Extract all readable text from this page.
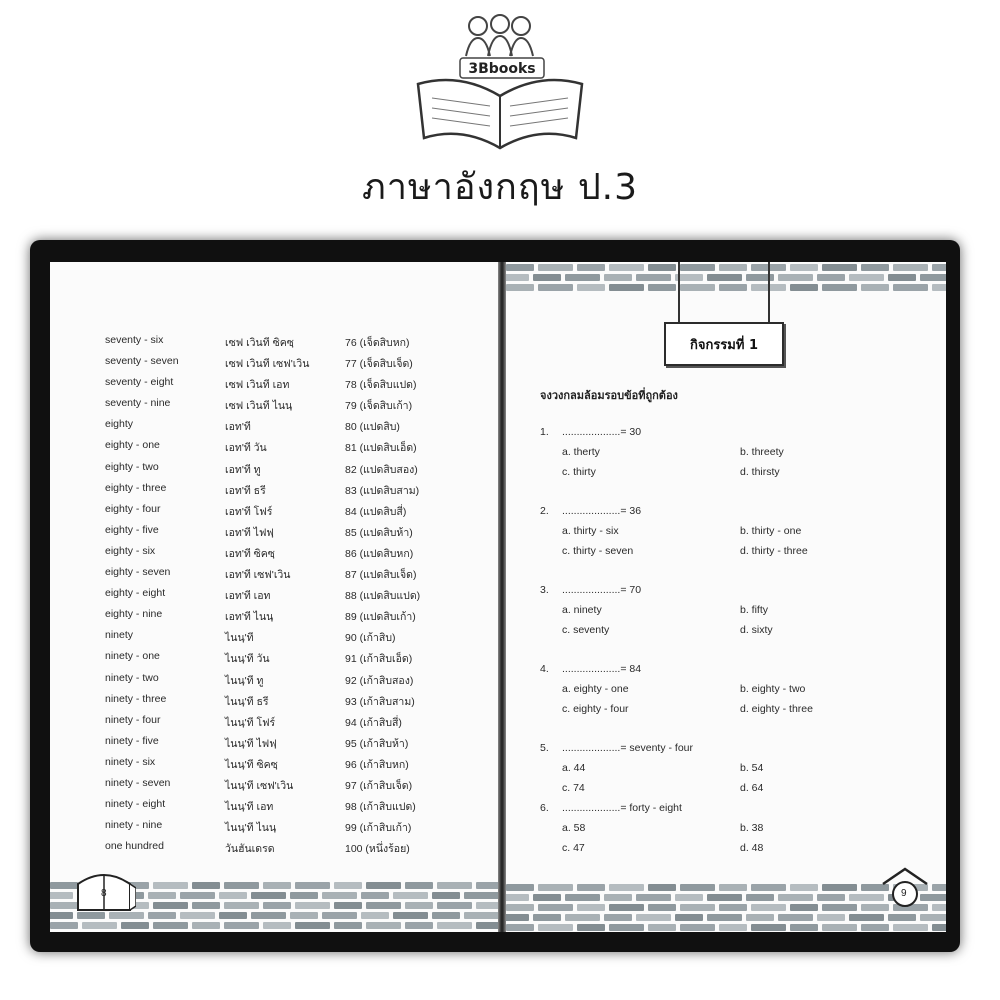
3Bbooks
ภาษาอังกฤษ ป.3
seventy - six	เซฟ เวินที ซิคซฺ	76 (เจ็ดสิบหก)
seventy - seven	เซฟ เวินที เซฟ'เวิน	77 (เจ็ดสิบเจ็ด)
seventy - eight	เซฟ เวินที เอท	78 (เจ็ดสิบแปด)
seventy - nine	เซฟ เวินที ไนนฺ	79 (เจ็ดสิบเก้า)
eighty	เอท'ที	80 (แปดสิบ)
eighty - one	เอท'ที วัน	81 (แปดสิบเอ็ด)
eighty - two	เอท'ที ทู	82 (แปดสิบสอง)
eighty - three	เอท'ที ธรี	83 (แปดสิบสาม)
eighty - four	เอท'ที โฟร์	84 (แปดสิบสี่)
eighty - five	เอท'ที ไฟฟฺ	85 (แปดสิบห้า)
eighty - six	เอท'ที ซิคซฺ	86 (แปดสิบหก)
eighty - seven	เอท'ที เซฟ'เวิน	87 (แปดสิบเจ็ด)
eighty - eight	เอท'ที เอท	88 (แปดสิบแปด)
eighty - nine	เอท'ที ไนนฺ	89 (แปดสิบเก้า)
ninety	ไนนฺ'ที	90 (เก้าสิบ)
ninety - one	ไนนฺ'ที วัน	91 (เก้าสิบเอ็ด)
ninety - two	ไนนฺ'ที ทู	92 (เก้าสิบสอง)
ninety - three	ไนนฺ'ที ธรี	93 (เก้าสิบสาม)
ninety - four	ไนนฺ'ที โฟร์	94 (เก้าสิบสี่)
ninety - five	ไนนฺ'ที ไฟฟฺ	95 (เก้าสิบห้า)
ninety - six	ไนนฺ'ที ซิคซฺ	96 (เก้าสิบหก)
ninety - seven	ไนนฺ'ที เซฟ'เวิน	97 (เก้าสิบเจ็ด)
ninety - eight	ไนนฺ'ที เอท	98 (เก้าสิบแปด)
ninety - nine	ไนนฺ'ที ไนนฺ	99 (เก้าสิบเก้า)
one hundred	วันฮันเดรด	100 (หนึ่งร้อย)
8
กิจกรรมที่ 1
จงวงกลมล้อมรอบข้อที่ถูกต้อง
1. ....................= 30
a. therty	b. threety
c. thirty	d. thirsty
2. ....................= 36
a. thirty - six	b. thirty - one
c. thirty - seven	d. thirty - three
3. ....................= 70
a. ninety	b. fifty
c. seventy	d. sixty
4. ....................= 84
a. eighty - one	b. eighty - two
c. eighty - four	d. eighty - three
5. ....................= seventy - four
a. 44	b. 54
c. 74	d. 64
6. ....................= forty - eight
a. 58	b. 38
c. 47	d. 48
9
